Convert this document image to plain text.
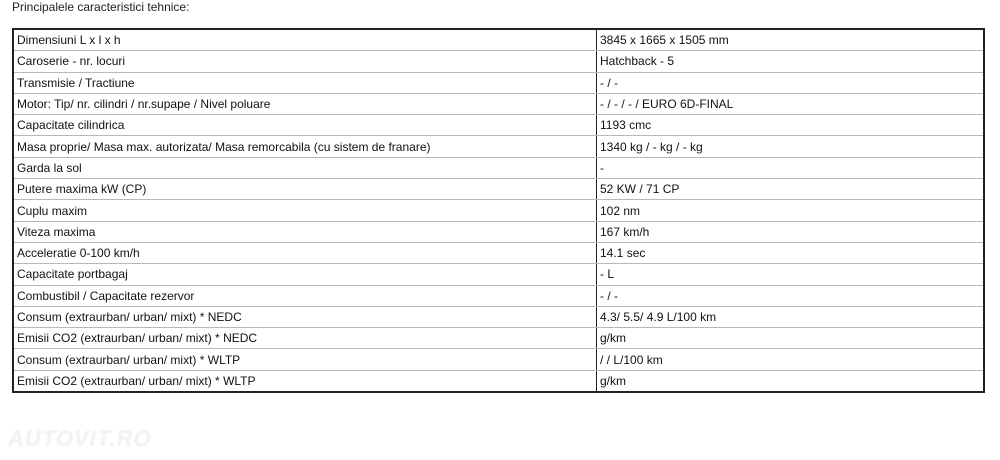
Principalele caracteristici tehnice:
Dimensiuni L x l x h	3845 x 1665 x 1505 mm
Caroserie - nr. locuri	Hatchback - 5
Transmisie / Tractiune	- / -
Motor: Tip/ nr. cilindri / nr.supape / Nivel poluare	- / - / - / EURO 6D-FINAL
Capacitate cilindrica	1193 cmc
Masa proprie/ Masa max. autorizata/ Masa remorcabila (cu sistem de franare)	1340 kg / - kg / - kg
Garda la sol	-
Putere maxima kW (CP)	52 KW / 71 CP
Cuplu maxim	102 nm
Viteza maxima	167 km/h
Acceleratie 0-100 km/h	14.1 sec
Capacitate portbagaj	- L
Combustibil / Capacitate rezervor	- / -
Consum (extraurban/ urban/ mixt) * NEDC	4.3/ 5.5/ 4.9 L/100 km
Emisii CO2 (extraurban/ urban/ mixt) * NEDC	g/km
Consum (extraurban/ urban/ mixt) * WLTP	/ / L/100 km
Emisii CO2 (extraurban/ urban/ mixt) * WLTP	g/km
AUTOVIT.RO
